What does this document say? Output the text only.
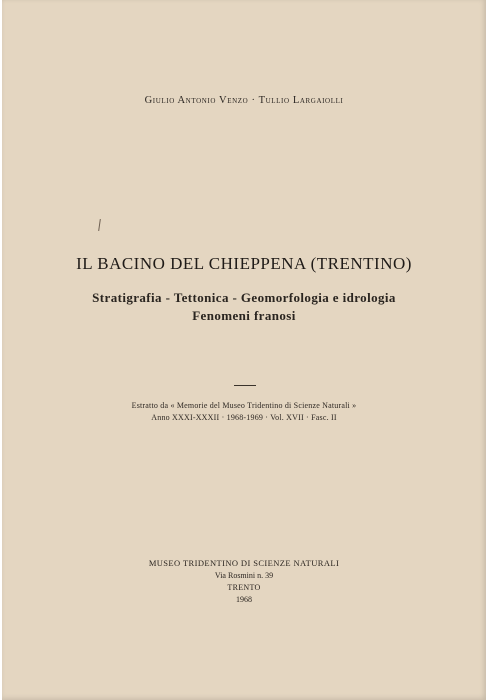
Giulio Antonio Venzo · Tullio Largaiolli
IL BACINO DEL CHIEPPENA (TRENTINO)
Stratigrafia - Tettonica - Geomorfologia e idrologia
Fenomeni franosi
Estratto da « Memorie del Museo Tridentino di Scienze Naturali »
Anno XXXI-XXXII · 1968-1969 · Vol. XVII · Fasc. II
MUSEO TRIDENTINO DI SCIENZE NATURALI
Via Rosmini n. 39
TRENTO
1968
